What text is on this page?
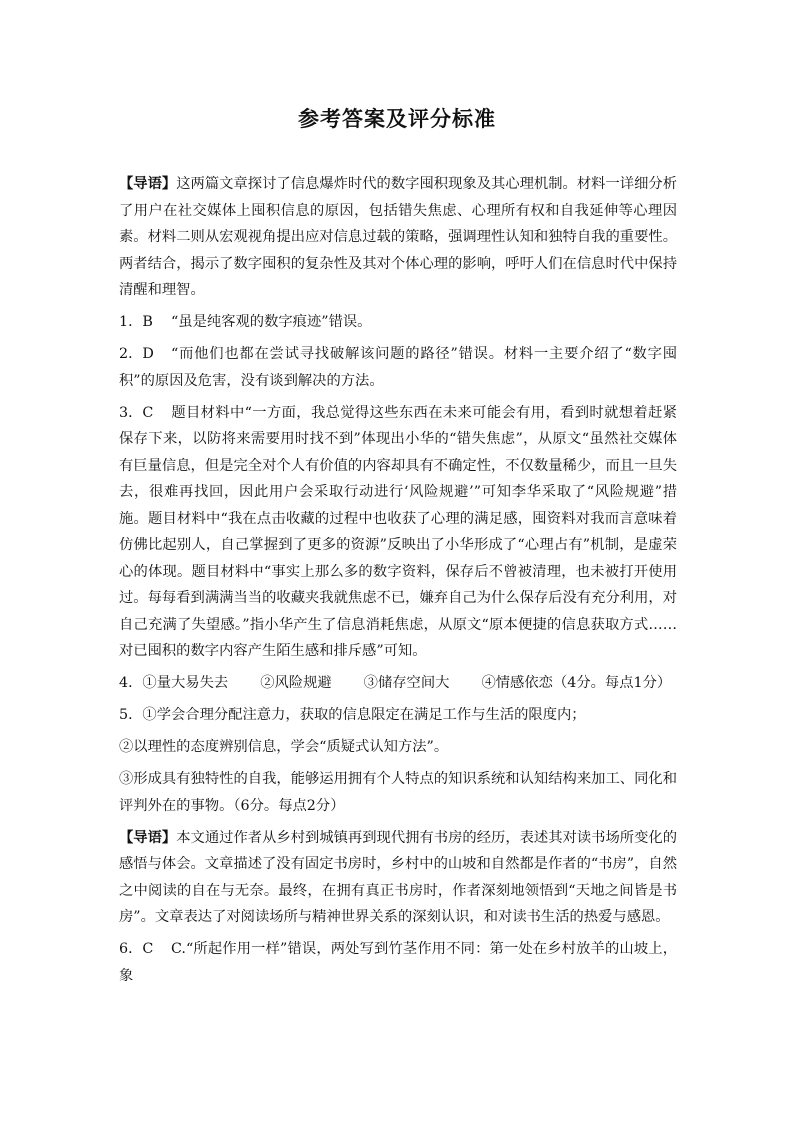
参考答案及评分标准

【导语】这两篇文章探讨了信息爆炸时代的数字囤积现象及其心理机制。材料一详细分析了用户在社交媒体上囤积信息的原因，包括错失焦虑、心理所有权和自我延伸等心理因素。材料二则从宏观视角提出应对信息过载的策略，强调理性认知和独特自我的重要性。两者结合，揭示了数字囤积的复杂性及其对个体心理的影响，呼吁人们在信息时代中保持清醒和理智。

1．B “虽是纯客观的数字痕迹”错误。

2．D “而他们也都在尝试寻找破解该问题的路径”错误。材料一主要介绍了“数字囤积”的原因及危害，没有谈到解决的方法。

3．C 题目材料中“一方面，我总觉得这些东西在未来可能会有用，看到时就想着赶紧保存下来，以防将来需要用时找不到”体现出小华的“错失焦虑”，从原文“虽然社交媒体有巨量信息，但是完全对个人有价值的内容却具有不确定性，不仅数量稀少，而且一旦失去，很难再找回，因此用户会采取行动进行‘风险规避’”可知李华采取了“风险规避”措施。题目材料中“我在点击收藏的过程中也收获了心理的满足感，囤资料对我而言意味着仿佛比起别人，自己掌握到了更多的资源”反映出了小华形成了“心理占有”机制，是虚荣心的体现。题目材料中“事实上那么多的数字资料，保存后不曾被清理，也未被打开使用过。每每看到满满当当的收藏夹我就焦虑不已，嫌弃自己为什么保存后没有充分利用，对自己充满了失望感。”指小华产生了信息消耗焦虑，从原文“原本便捷的信息获取方式……对已囤积的数字内容产生陌生感和排斥感”可知。

4．①量大易失去 ②风险规避 ③储存空间大 ④情感依恋（4分。每点1分）

5．①学会合理分配注意力，获取的信息限定在满足工作与生活的限度内；

②以理性的态度辨别信息，学会“质疑式认知方法”。

③形成具有独特性的自我，能够运用拥有个人特点的知识系统和认知结构来加工、同化和评判外在的事物。（6分。每点2分）

【导语】本文通过作者从乡村到城镇再到现代拥有书房的经历，表述其对读书场所变化的感悟与体会。文章描述了没有固定书房时，乡村中的山坡和自然都是作者的“书房”，自然之中阅读的自在与无奈。最终，在拥有真正书房时，作者深刻地领悟到“天地之间皆是书房”。文章表达了对阅读场所与精神世界关系的深刻认识，和对读书生活的热爱与感恩。

6．C C.“所起作用一样”错误，两处写到竹茎作用不同：第一处在乡村放羊的山坡上，象
